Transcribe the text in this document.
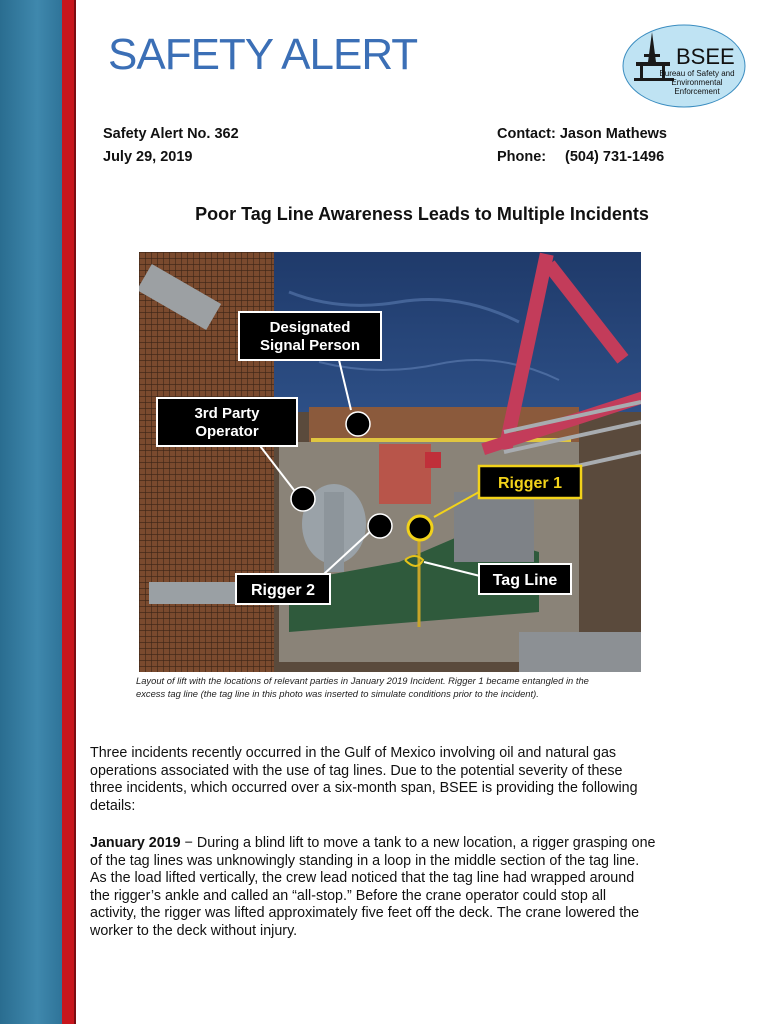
SAFETY ALERT	BSEE
Bureau of Safety and
Environmental
Enforcement
Safety Alert No. 362
July 29, 2019
Contact: Jason Mathews
Phone: (504) 731-1496
Poor Tag Line Awareness Leads to Multiple Incidents
Designated
Signal Person
3rd Party
Operator
Rigger 1
Rigger 2
Tag Line
Layout of lift with the locations of relevant parties in January 2019 Incident. Rigger 1 became entangled in the
excess tag line (the tag line in this photo was inserted to simulate conditions prior to the incident).
Three incidents recently occurred in the Gulf of Mexico involving oil and natural gas
operations associated with the use of tag lines. Due to the potential severity of these
three incidents, which occurred over a six-month span, BSEE is providing the following
details:
January 2019 − During a blind lift to move a tank to a new location, a rigger grasping one
of the tag lines was unknowingly standing in a loop in the middle section of the tag line.
As the load lifted vertically, the crew lead noticed that the tag line had wrapped around
the rigger’s ankle and called an “all-stop.” Before the crane operator could stop all
activity, the rigger was lifted approximately five feet off the deck. The crane lowered the
worker to the deck without injury.
